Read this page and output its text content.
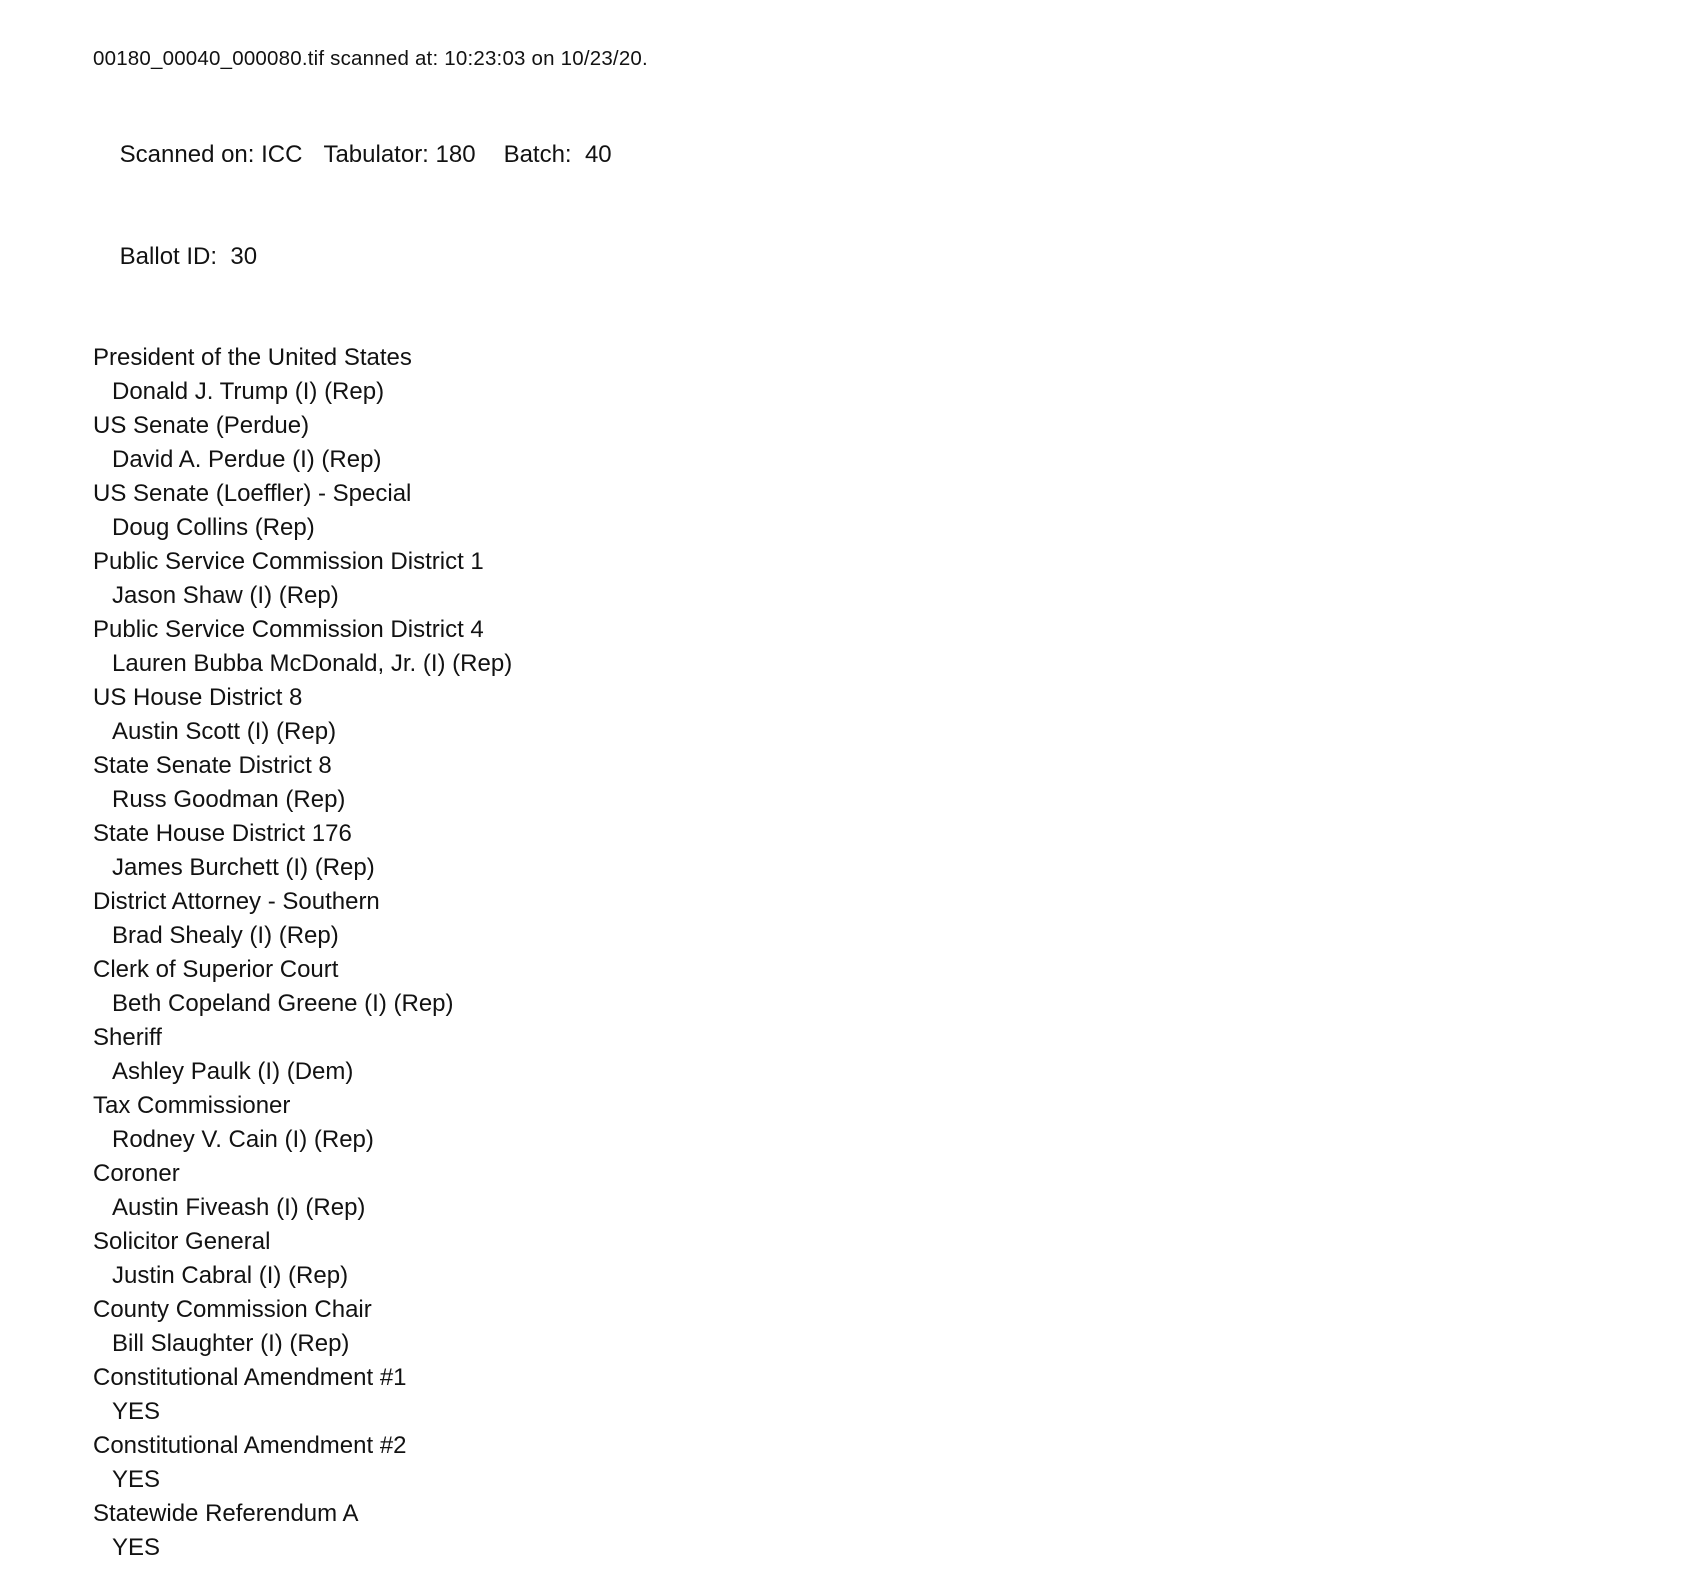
00180_00040_000080.tif scanned at: 10:23:03 on 10/23/20.

Scanned on: ICC Tabulator: 180 Batch:  40

Ballot ID:  30

President of the United States
Donald J. Trump (I) (Rep)
US Senate (Perdue)
David A. Perdue (I) (Rep)
US Senate (Loeffler) - Special
Doug Collins (Rep)
Public Service Commission District 1
Jason Shaw (I) (Rep)
Public Service Commission District 4
Lauren Bubba McDonald, Jr. (I) (Rep)
US House District 8
Austin Scott (I) (Rep)
State Senate District 8
Russ Goodman (Rep)
State House District 176
James Burchett (I) (Rep)
District Attorney - Southern
Brad Shealy (I) (Rep)
Clerk of Superior Court
Beth Copeland Greene (I) (Rep)
Sheriff
Ashley Paulk (I) (Dem)
Tax Commissioner
Rodney V. Cain (I) (Rep)
Coroner
Austin Fiveash (I) (Rep)
Solicitor General
Justin Cabral (I) (Rep)
County Commission Chair
Bill Slaughter (I) (Rep)
Constitutional Amendment #1
YES
Constitutional Amendment #2
YES
Statewide Referendum A
YES
